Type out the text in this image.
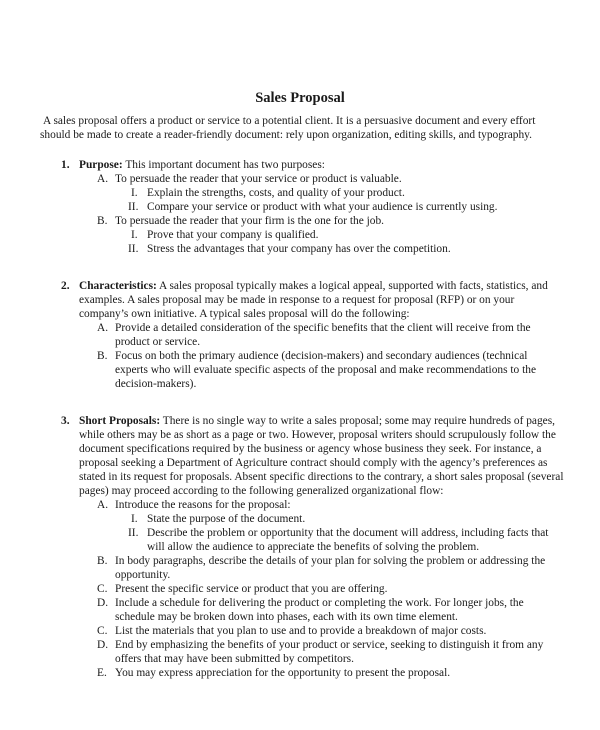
Sales Proposal
A sales proposal offers a product or service to a potential client. It is a persuasive document and every effort
should be made to create a reader-friendly document: rely upon organization, editing skills, and typography.
1. Purpose: This important document has two purposes:
A. To persuade the reader that your service or product is valuable.
I. Explain the strengths, costs, and quality of your product.
II. Compare your service or product with what your audience is currently using.
B. To persuade the reader that your firm is the one for the job.
I. Prove that your company is qualified.
II. Stress the advantages that your company has over the competition.
2. Characteristics: A sales proposal typically makes a logical appeal, supported with facts, statistics, and
examples. A sales proposal may be made in response to a request for proposal (RFP) or on your
company’s own initiative. A typical sales proposal will do the following:
A. Provide a detailed consideration of the specific benefits that the client will receive from the
product or service.
B. Focus on both the primary audience (decision-makers) and secondary audiences (technical
experts who will evaluate specific aspects of the proposal and make recommendations to the
decision-makers).
3. Short Proposals: There is no single way to write a sales proposal; some may require hundreds of pages,
while others may be as short as a page or two. However, proposal writers should scrupulously follow the
document specifications required by the business or agency whose business they seek. For instance, a
proposal seeking a Department of Agriculture contract should comply with the agency’s preferences as
stated in its request for proposals. Absent specific directions to the contrary, a short sales proposal (several
pages) may proceed according to the following generalized organizational flow:
A. Introduce the reasons for the proposal:
I. State the purpose of the document.
II. Describe the problem or opportunity that the document will address, including facts that
will allow the audience to appreciate the benefits of solving the problem.
B. In body paragraphs, describe the details of your plan for solving the problem or addressing the
opportunity.
C. Present the specific service or product that you are offering.
D. Include a schedule for delivering the product or completing the work. For longer jobs, the
schedule may be broken down into phases, each with its own time element.
C. List the materials that you plan to use and to provide a breakdown of major costs.
D. End by emphasizing the benefits of your product or service, seeking to distinguish it from any
offers that may have been submitted by competitors.
E. You may express appreciation for the opportunity to present the proposal.
